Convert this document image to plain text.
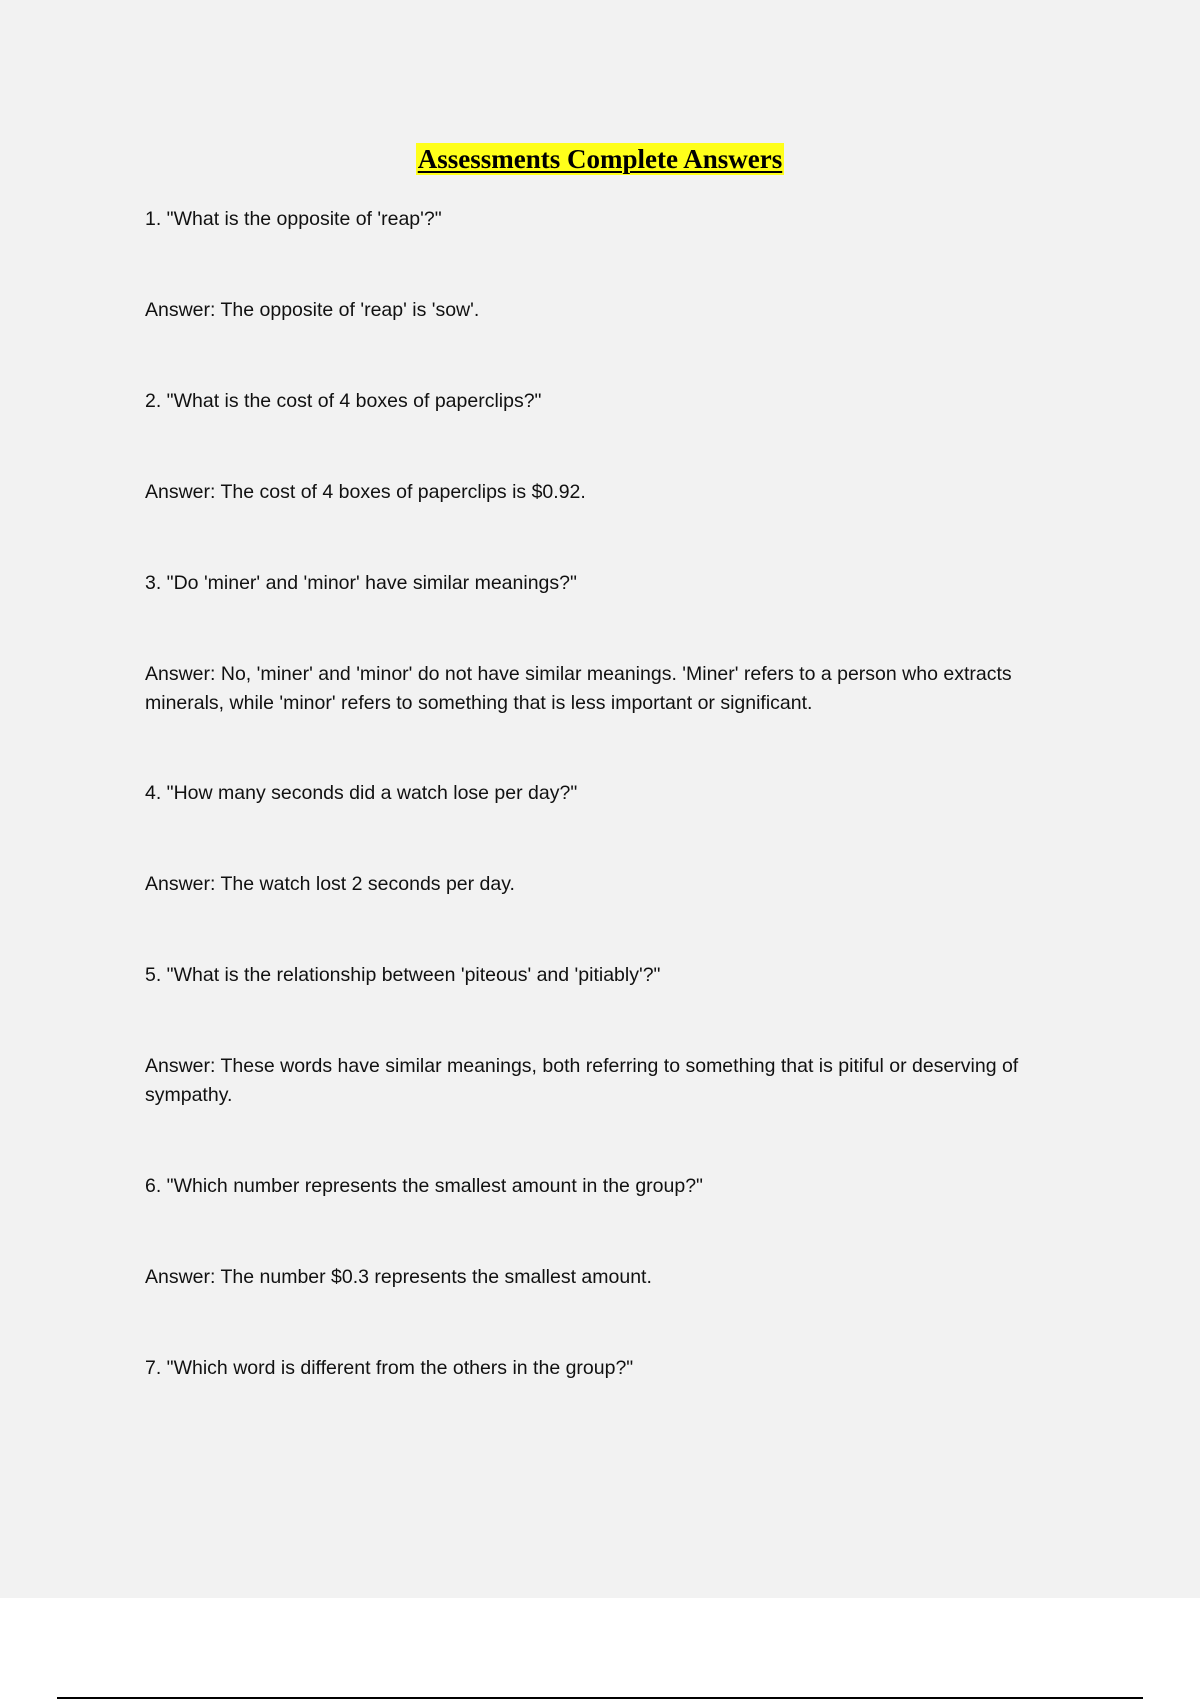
Assessments Complete Answers
1. "What is the opposite of 'reap'?"
Answer: The opposite of 'reap' is 'sow'.
2. "What is the cost of 4 boxes of paperclips?"
Answer: The cost of 4 boxes of paperclips is $0.92.
3. "Do 'miner' and 'minor' have similar meanings?"
Answer: No, 'miner' and 'minor' do not have similar meanings. 'Miner' refers to a person who extracts minerals, while 'minor' refers to something that is less important or significant.
4. "How many seconds did a watch lose per day?"
Answer: The watch lost 2 seconds per day.
5. "What is the relationship between 'piteous' and 'pitiably'?"
Answer: These words have similar meanings, both referring to something that is pitiful or deserving of sympathy.
6. "Which number represents the smallest amount in the group?"
Answer: The number $0.3 represents the smallest amount.
7. "Which word is different from the others in the group?"
